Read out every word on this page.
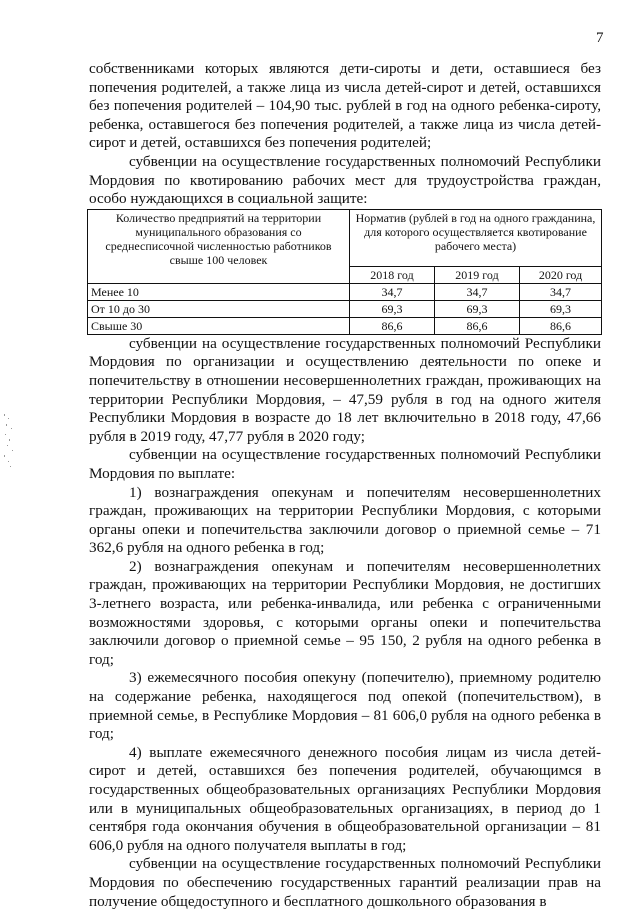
7

собственниками которых являются дети-сироты и дети, оставшиеся без попечения родителей, а также лица из числа детей-сирот и детей, оставшихся без попечения родителей – 104,90 тыс. рублей в год на одного ребенка-сироту, ребенка, оставшегося без попечения родителей, а также лица из числа детей-сирот и детей, оставшихся без попечения родителей;

субвенции на осуществление государственных полномочий Республики Мордовия по квотированию рабочих мест для трудоустройства граждан, особо нуждающихся в социальной защите:

Количество предприятий на территории муниципального образования со среднесписочной численностью работников свыше 100 человек	Норматив (рублей в год на одного гражданина, для которого осуществляется квотирование рабочего места)		
	2018 год	2019 год	2020 год
Менее 10	34,7	34,7	34,7
От 10 до 30	69,3	69,3	69,3
Свыше 30	86,6	86,6	86,6

субвенции на осуществление государственных полномочий Республики Мордовия по организации и осуществлению деятельности по опеке и попечительству в отношении несовершеннолетних граждан, проживающих на территории Республики Мордовия, – 47,59 рубля в год на одного жителя Республики Мордовия в возрасте до 18 лет включительно в 2018 году, 47,66 рубля в 2019 году, 47,77 рубля в 2020 году;

субвенции на осуществление государственных полномочий Республики Мордовия по выплате:

1) вознаграждения опекунам и попечителям несовершеннолетних граждан, проживающих на территории Республики Мордовия, с которыми органы опеки и попечительства заключили договор о приемной семье – 71 362,6 рубля на одного ребенка в год;

2) вознаграждения опекунам и попечителям несовершеннолетних граждан, проживающих на территории Республики Мордовия, не достигших 3-летнего возраста, или ребенка-инвалида, или ребенка с ограниченными возможностями здоровья, с которыми органы опеки и попечительства заключили договор о приемной семье – 95 150, 2 рубля на одного ребенка в год;

3) ежемесячного пособия опекуну (попечителю), приемному родителю на содержание ребенка, находящегося под опекой (попечительством), в приемной семье, в Республике Мордовия – 81 606,0 рубля на одного ребенка в год;

4) выплате ежемесячного денежного пособия лицам из числа детей-сирот и детей, оставшихся без попечения родителей, обучающимся в государственных общеобразовательных организациях Республики Мордовия или в муниципальных общеобразовательных организациях, в период до 1 сентября года окончания обучения в общеобразовательной организации – 81 606,0 рубля на одного получателя выплаты в год;

субвенции на осуществление государственных полномочий Республики Мордовия по обеспечению государственных гарантий реализации прав на получение общедоступного и бесплатного дошкольного образования в
